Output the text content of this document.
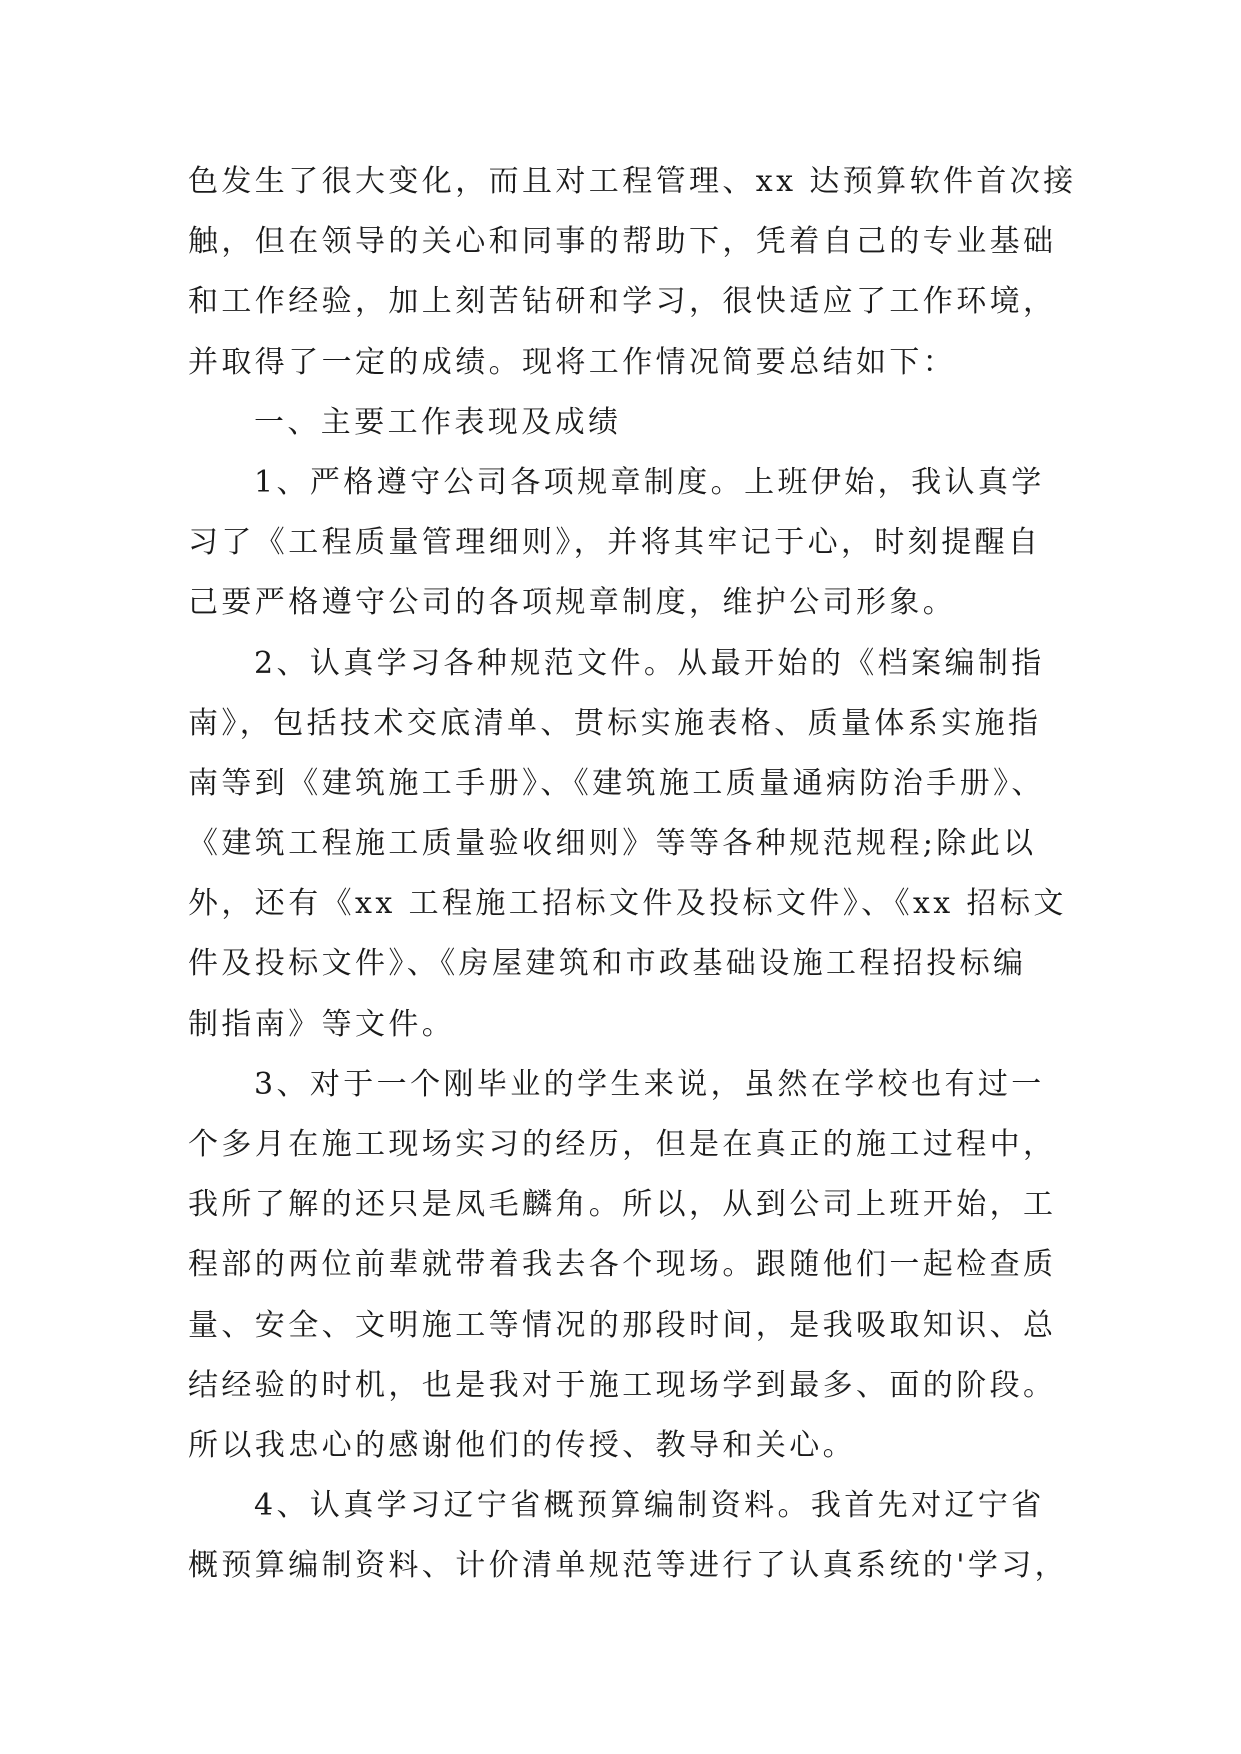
色发生了很大变化，而且对工程管理、xx 达预算软件首次接
触，但在领导的关心和同事的帮助下，凭着自己的专业基础
和工作经验，加上刻苦钻研和学习，很快适应了工作环境，
并取得了一定的成绩。现将工作情况简要总结如下：
一、主要工作表现及成绩
1、严格遵守公司各项规章制度。上班伊始，我认真学
习了《工程质量管理细则》，并将其牢记于心，时刻提醒自
己要严格遵守公司的各项规章制度，维护公司形象。
2、认真学习各种规范文件。从最开始的《档案编制指
南》，包括技术交底清单、贯标实施表格、质量体系实施指
南等到《建筑施工手册》、《建筑施工质量通病防治手册》、
《建筑工程施工质量验收细则》等等各种规范规程;除此以
外，还有《xx 工程施工招标文件及投标文件》、《xx 招标文
件及投标文件》、《房屋建筑和市政基础设施工程招投标编
制指南》等文件。
3、对于一个刚毕业的学生来说，虽然在学校也有过一
个多月在施工现场实习的经历，但是在真正的施工过程中，
我所了解的还只是凤毛麟角。所以，从到公司上班开始，工
程部的两位前辈就带着我去各个现场。跟随他们一起检查质
量、安全、文明施工等情况的那段时间，是我吸取知识、总
结经验的时机，也是我对于施工现场学到最多、面的阶段。
所以我忠心的感谢他们的传授、教导和关心。
4、认真学习辽宁省概预算编制资料。我首先对辽宁省
概预算编制资料、计价清单规范等进行了认真系统的'学习，
